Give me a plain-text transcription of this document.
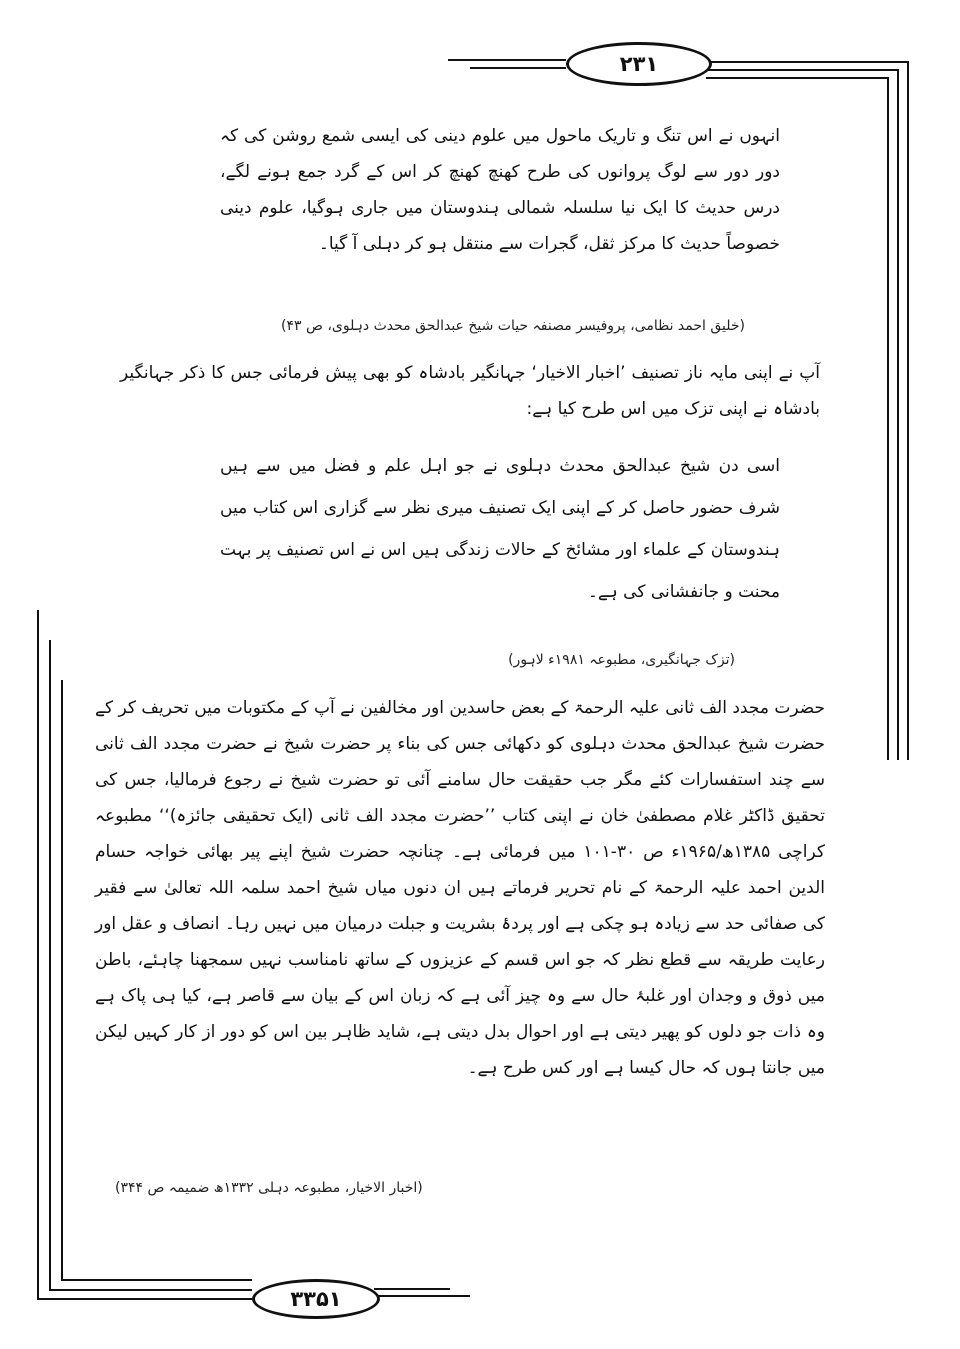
۲۳۱
۳۳۵۱

انہوں نے اس تنگ و تاریک ماحول میں علوم دینی کی ایسی شمع روشن کی کہ دور دور سے لوگ پروانوں کی طرح کھنچ کھنچ کر اس کے گرد جمع ہونے لگے، درس حدیث کا ایک نیا سلسلہ شمالی ہندوستان میں جاری ہوگیا، علوم دینی خصوصاً حدیث کا مرکز ثقل، گجرات سے منتقل ہو کر دہلی آ گیا۔

(خلیق احمد نظامی، پروفیسر مصنفہ حیات شیخ عبدالحق محدث دہلوی، ص ۴۳)

آپ نے اپنی مایہ ناز تصنیف ’اخبار الاخیار‘ جہانگیر بادشاہ کو بھی پیش فرمائی جس کا ذکر جہانگیر بادشاہ نے اپنی تزک میں اس طرح کیا ہے:

اسی دن شیخ عبدالحق محدث دہلوی نے جو اہل علم و فضل میں سے ہیں شرف حضور حاصل کر کے اپنی ایک تصنیف میری نظر سے گزاری اس کتاب میں ہندوستان کے علماء اور مشائخ کے حالات زندگی ہیں اس نے اس تصنیف پر بہت محنت و جانفشانی کی ہے۔

(تزک جہانگیری، مطبوعہ ۱۹۸۱ء لاہور)

حضرت مجدد الف ثانی علیہ الرحمۃ کے بعض حاسدین اور مخالفین نے آپ کے مکتوبات میں تحریف کر کے حضرت شیخ عبدالحق محدث دہلوی کو دکھائی جس کی بناء پر حضرت شیخ نے حضرت مجدد الف ثانی سے چند استفسارات کئے مگر جب حقیقت حال سامنے آئی تو حضرت شیخ نے رجوع فرمالیا، جس کی تحقیق ڈاکٹر غلام مصطفیٰ خان نے اپنی کتاب ’’حضرت مجدد الف ثانی (ایک تحقیقی جائزہ)‘‘ مطبوعہ کراچی ۱۳۸۵ھ/۱۹۶۵ء ص ۳۰-۱۰۱ میں فرمائی ہے۔ چنانچہ حضرت شیخ اپنے پیر بھائی خواجہ حسام الدین احمد علیہ الرحمۃ کے نام تحریر فرماتے ہیں ان دنوں میاں شیخ احمد سلمہ اللہ تعالیٰ سے فقیر کی صفائی حد سے زیادہ ہو چکی ہے اور پردۂ بشریت و جبلت درمیان میں نہیں رہا۔ انصاف و عقل اور رعایت طریقہ سے قطع نظر کہ جو اس قسم کے عزیزوں کے ساتھ نامناسب نہیں سمجھنا چاہئے، باطن میں ذوق و وجدان اور غلبۂ حال سے وہ چیز آئی ہے کہ زبان اس کے بیان سے قاصر ہے، کیا ہی پاک ہے وہ ذات جو دلوں کو پھیر دیتی ہے اور احوال بدل دیتی ہے، شاید ظاہر بین اس کو دور از کار کہیں لیکن میں جانتا ہوں کہ حال کیسا ہے اور کس طرح ہے۔

(اخبار الاخیار، مطبوعہ دہلی ۱۳۳۲ھ ضمیمہ ص ۳۴۴)
